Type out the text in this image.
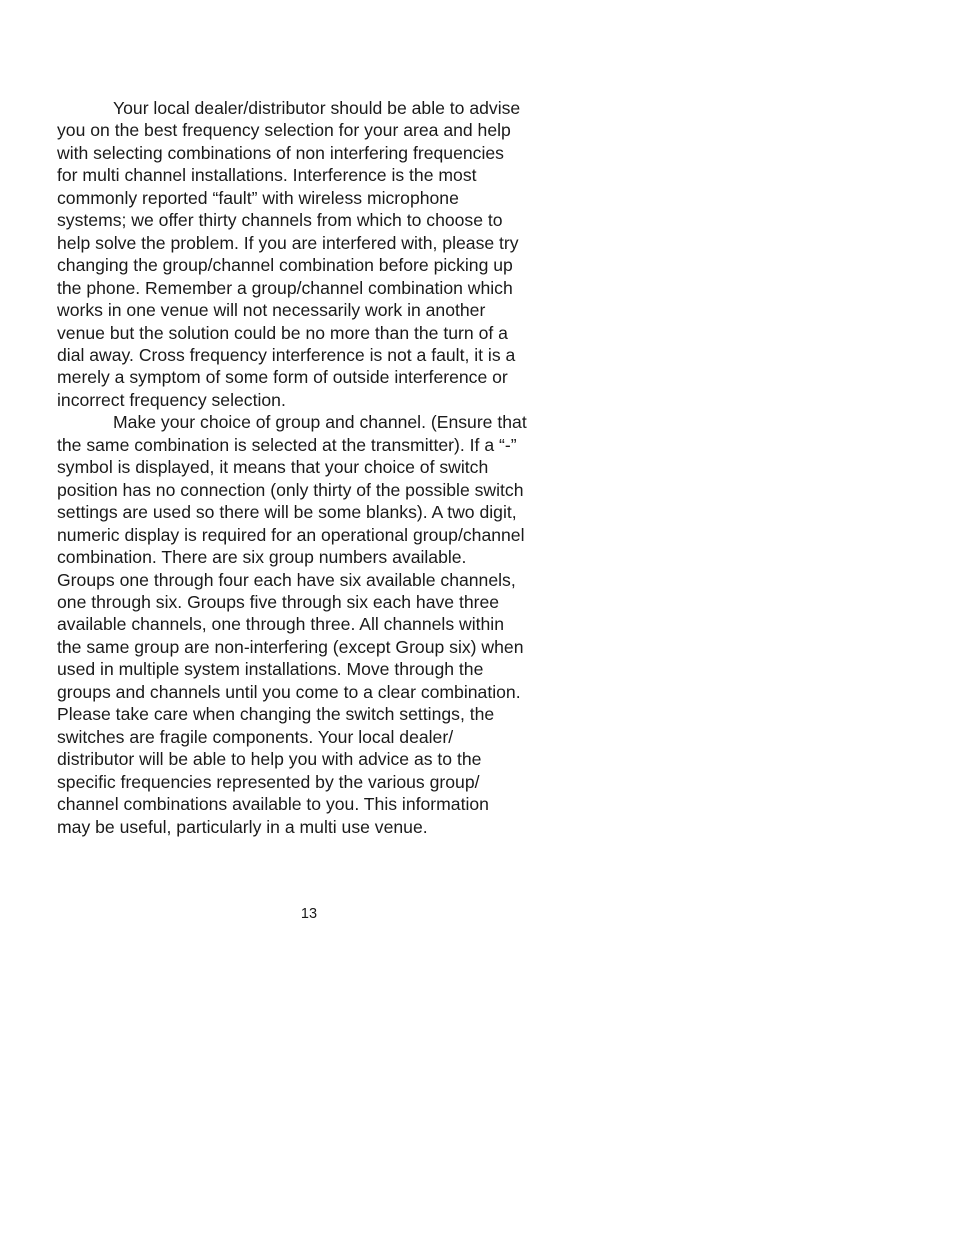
Your local dealer/distributor should be able to advise
you on the best frequency selection for your area and help
with selecting combinations of non interfering frequencies
for multi channel installations. Interference is the most
commonly reported “fault” with wireless microphone
systems; we offer thirty channels from which to choose to
help solve the problem. If you are interfered with, please try
changing the group/channel combination before picking up
the phone. Remember a group/channel combination which
works in one venue will not necessarily work in another
venue but the solution could be no more than the turn of a
dial away. Cross frequency interference is not a fault, it is a
merely a symptom of some form of outside interference or
incorrect frequency selection.
Make your choice of group and channel. (Ensure that
the same combination is selected at the transmitter). If a “-”
symbol is displayed, it means that your choice of switch
position has no connection (only thirty of the possible switch
settings are used so there will be some blanks). A two digit,
numeric display is required for an operational group/channel
combination. There are six group numbers available.
Groups one through four each have six available channels,
one through six. Groups five through six each have three
available channels, one through three. All channels within
the same group are non-interfering (except Group six) when
used in multiple system installations. Move through the
groups and channels until you come to a clear combination.
Please take care when changing the switch settings, the
switches are fragile components. Your local dealer/
distributor will be able to help you with advice as to the
specific frequencies represented by the various group/
channel combinations available to you. This information
may be useful, particularly in a multi use venue.
13
